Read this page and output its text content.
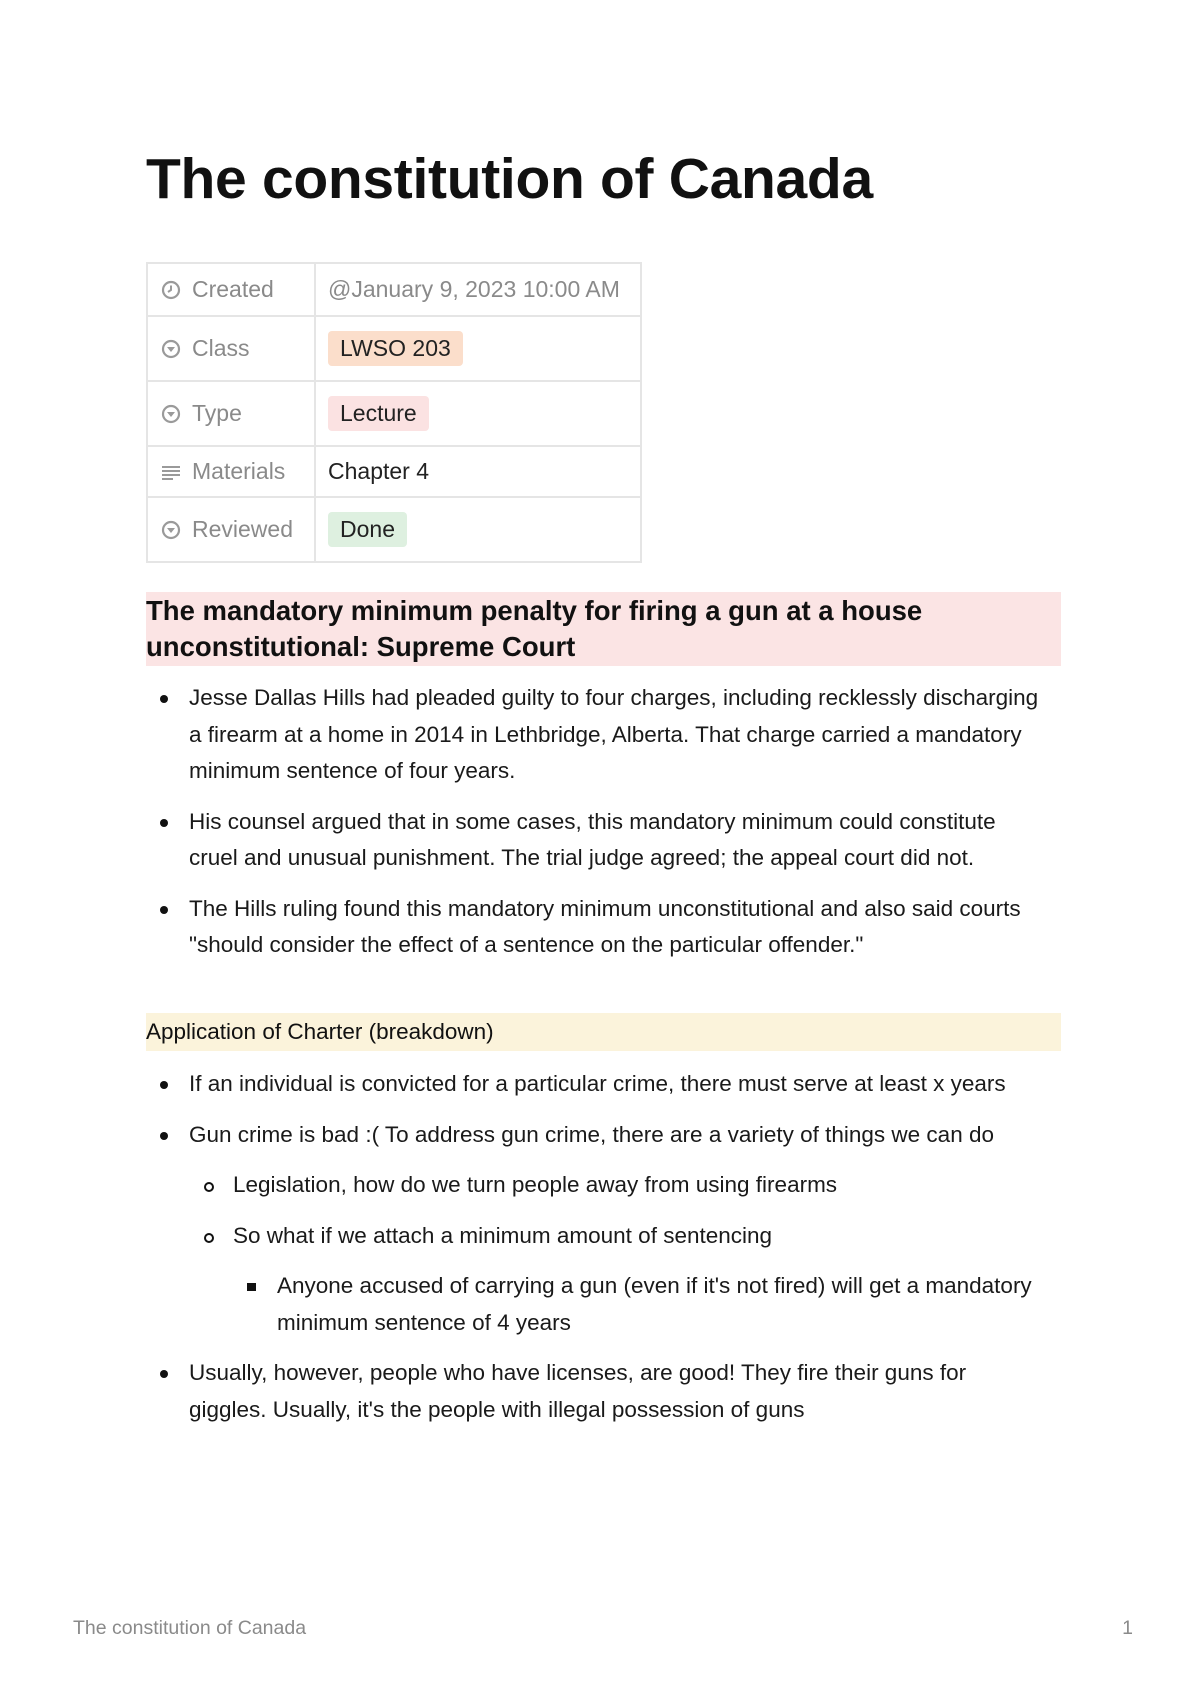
The constitution of Canada
Created	@January 9, 2023 10:00 AM
Class	LWSO 203
Type	Lecture
Materials	Chapter 4
Reviewed	Done
The mandatory minimum penalty for firing a gun at a house unconstitutional: Supreme Court
Jesse Dallas Hills had pleaded guilty to four charges, including recklessly discharging a firearm at a home in 2014 in Lethbridge, Alberta. That charge carried a mandatory minimum sentence of four years.
His counsel argued that in some cases, this mandatory minimum could constitute cruel and unusual punishment. The trial judge agreed; the appeal court did not.
The Hills ruling found this mandatory minimum unconstitutional and also said courts "should consider the effect of a sentence on the particular offender."
Application of Charter (breakdown)
If an individual is convicted for a particular crime, there must serve at least x years
Gun crime is bad :( To address gun crime, there are a variety of things we can do
Legislation, how do we turn people away from using firearms
So what if we attach a minimum amount of sentencing
Anyone accused of carrying a gun (even if it's not fired) will get a mandatory minimum sentence of 4 years
Usually, however, people who have licenses, are good! They fire their guns for giggles. Usually, it's the people with illegal possession of guns
The constitution of Canada	1
